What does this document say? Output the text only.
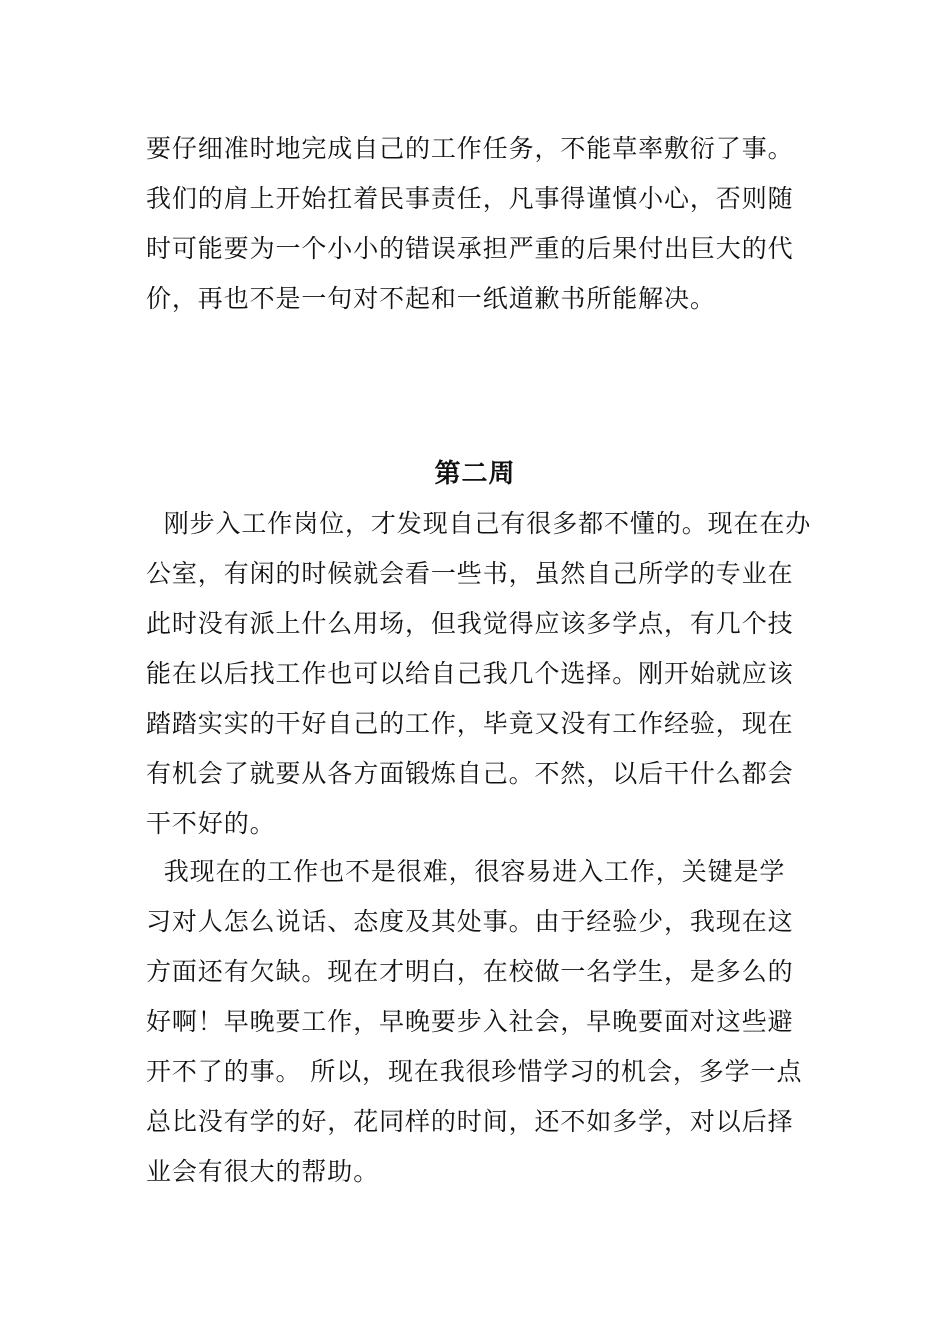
要仔细准时地完成自己的工作任务，不能草率敷衍了事。
我们的肩上开始扛着民事责任，凡事得谨慎小心，否则随
时可能要为一个小小的错误承担严重的后果付出巨大的代
价，再也不是一句对不起和一纸道歉书所能解决。
第二周
刚步入工作岗位，才发现自己有很多都不懂的。现在在办
公室，有闲的时候就会看一些书，虽然自己所学的专业在
此时没有派上什么用场，但我觉得应该多学点，有几个技
能在以后找工作也可以给自己我几个选择。刚开始就应该
踏踏实实的干好自己的工作，毕竟又没有工作经验，现在
有机会了就要从各方面锻炼自己。不然，以后干什么都会
干不好的。
我现在的工作也不是很难，很容易进入工作，关键是学
习对人怎么说话、态度及其处事。由于经验少，我现在这
方面还有欠缺。现在才明白，在校做一名学生，是多么的
好啊！早晚要工作，早晚要步入社会，早晚要面对这些避
开不了的事。 所以，现在我很珍惜学习的机会，多学一点
总比没有学的好，花同样的时间，还不如多学，对以后择
业会有很大的帮助。
